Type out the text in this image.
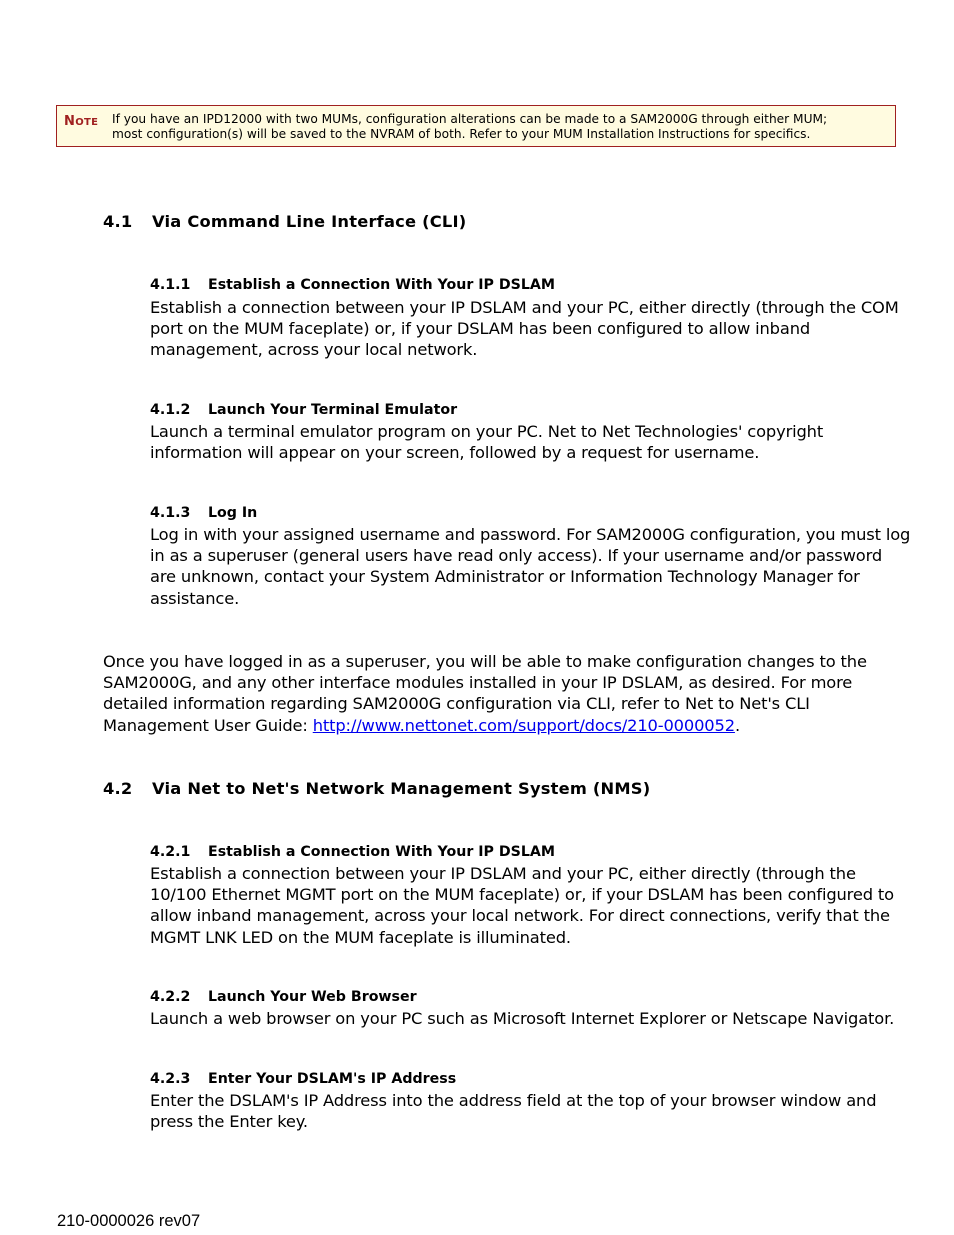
NOTE If you have an IPD12000 with two MUMs, configuration alterations can be made to a SAM2000G through either MUM;
most configuration(s) will be saved to the NVRAM of both. Refer to your MUM Installation Instructions for specifics.
4.1 Via Command Line Interface (CLI)
4.1.1 Establish a Connection With Your IP DSLAM
Establish a connection between your IP DSLAM and your PC, either directly (through the COM
port on the MUM faceplate) or, if your DSLAM has been configured to allow inband
management, across your local network.
4.1.2 Launch Your Terminal Emulator
Launch a terminal emulator program on your PC. Net to Net Technologies' copyright
information will appear on your screen, followed by a request for username.
4.1.3 Log In
Log in with your assigned username and password. For SAM2000G configuration, you must log
in as a superuser (general users have read only access). If your username and/or password
are unknown, contact your System Administrator or Information Technology Manager for
assistance.
Once you have logged in as a superuser, you will be able to make configuration changes to the
SAM2000G, and any other interface modules installed in your IP DSLAM, as desired. For more
detailed information regarding SAM2000G configuration via CLI, refer to Net to Net's CLI
Management User Guide: http://www.nettonet.com/support/docs/210-0000052.
4.2 Via Net to Net's Network Management System (NMS)
4.2.1 Establish a Connection With Your IP DSLAM
Establish a connection between your IP DSLAM and your PC, either directly (through the
10/100 Ethernet MGMT port on the MUM faceplate) or, if your DSLAM has been configured to
allow inband management, across your local network. For direct connections, verify that the
MGMT LNK LED on the MUM faceplate is illuminated.
4.2.2 Launch Your Web Browser
Launch a web browser on your PC such as Microsoft Internet Explorer or Netscape Navigator.
4.2.3 Enter Your DSLAM's IP Address
Enter the DSLAM's IP Address into the address field at the top of your browser window and
press the Enter key.
210-0000026 rev07
